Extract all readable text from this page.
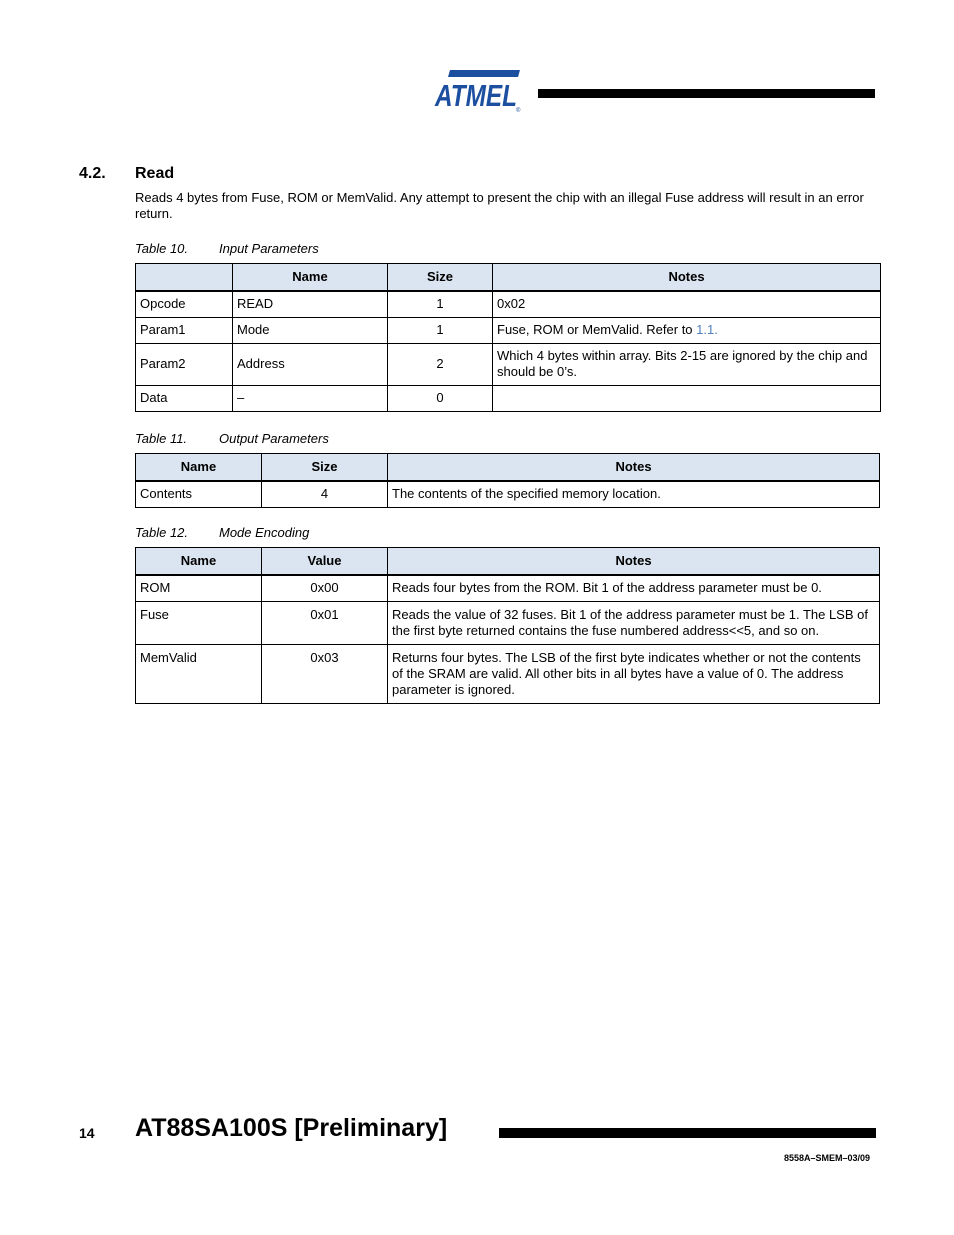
ATMEL ®
4.2. Read
Reads 4 bytes from Fuse, ROM or MemValid. Any attempt to present the chip with an illegal Fuse address will result in an error return.
Table 10. Input Parameters
	Name	Size	Notes
Opcode	READ	1	0x02
Param1	Mode	1	Fuse, ROM or MemValid. Refer to 1.1.
Param2	Address	2	Which 4 bytes within array. Bits 2-15 are ignored by the chip and should be 0’s.
Data	–	0	
Table 11. Output Parameters
Name	Size	Notes
Contents	4	The contents of the specified memory location.
Table 12. Mode Encoding
Name	Value	Notes
ROM	0x00	Reads four bytes from the ROM. Bit 1 of the address parameter must be 0.
Fuse	0x01	Reads the value of 32 fuses. Bit 1 of the address parameter must be 1. The LSB of the first byte returned contains the fuse numbered address<<5, and so on.
MemValid	0x03	Returns four bytes. The LSB of the first byte indicates whether or not the contents of the SRAM are valid. All other bits in all bytes have a value of 0. The address parameter is ignored.
14 AT88SA100S [Preliminary]
8558A–SMEM–03/09
